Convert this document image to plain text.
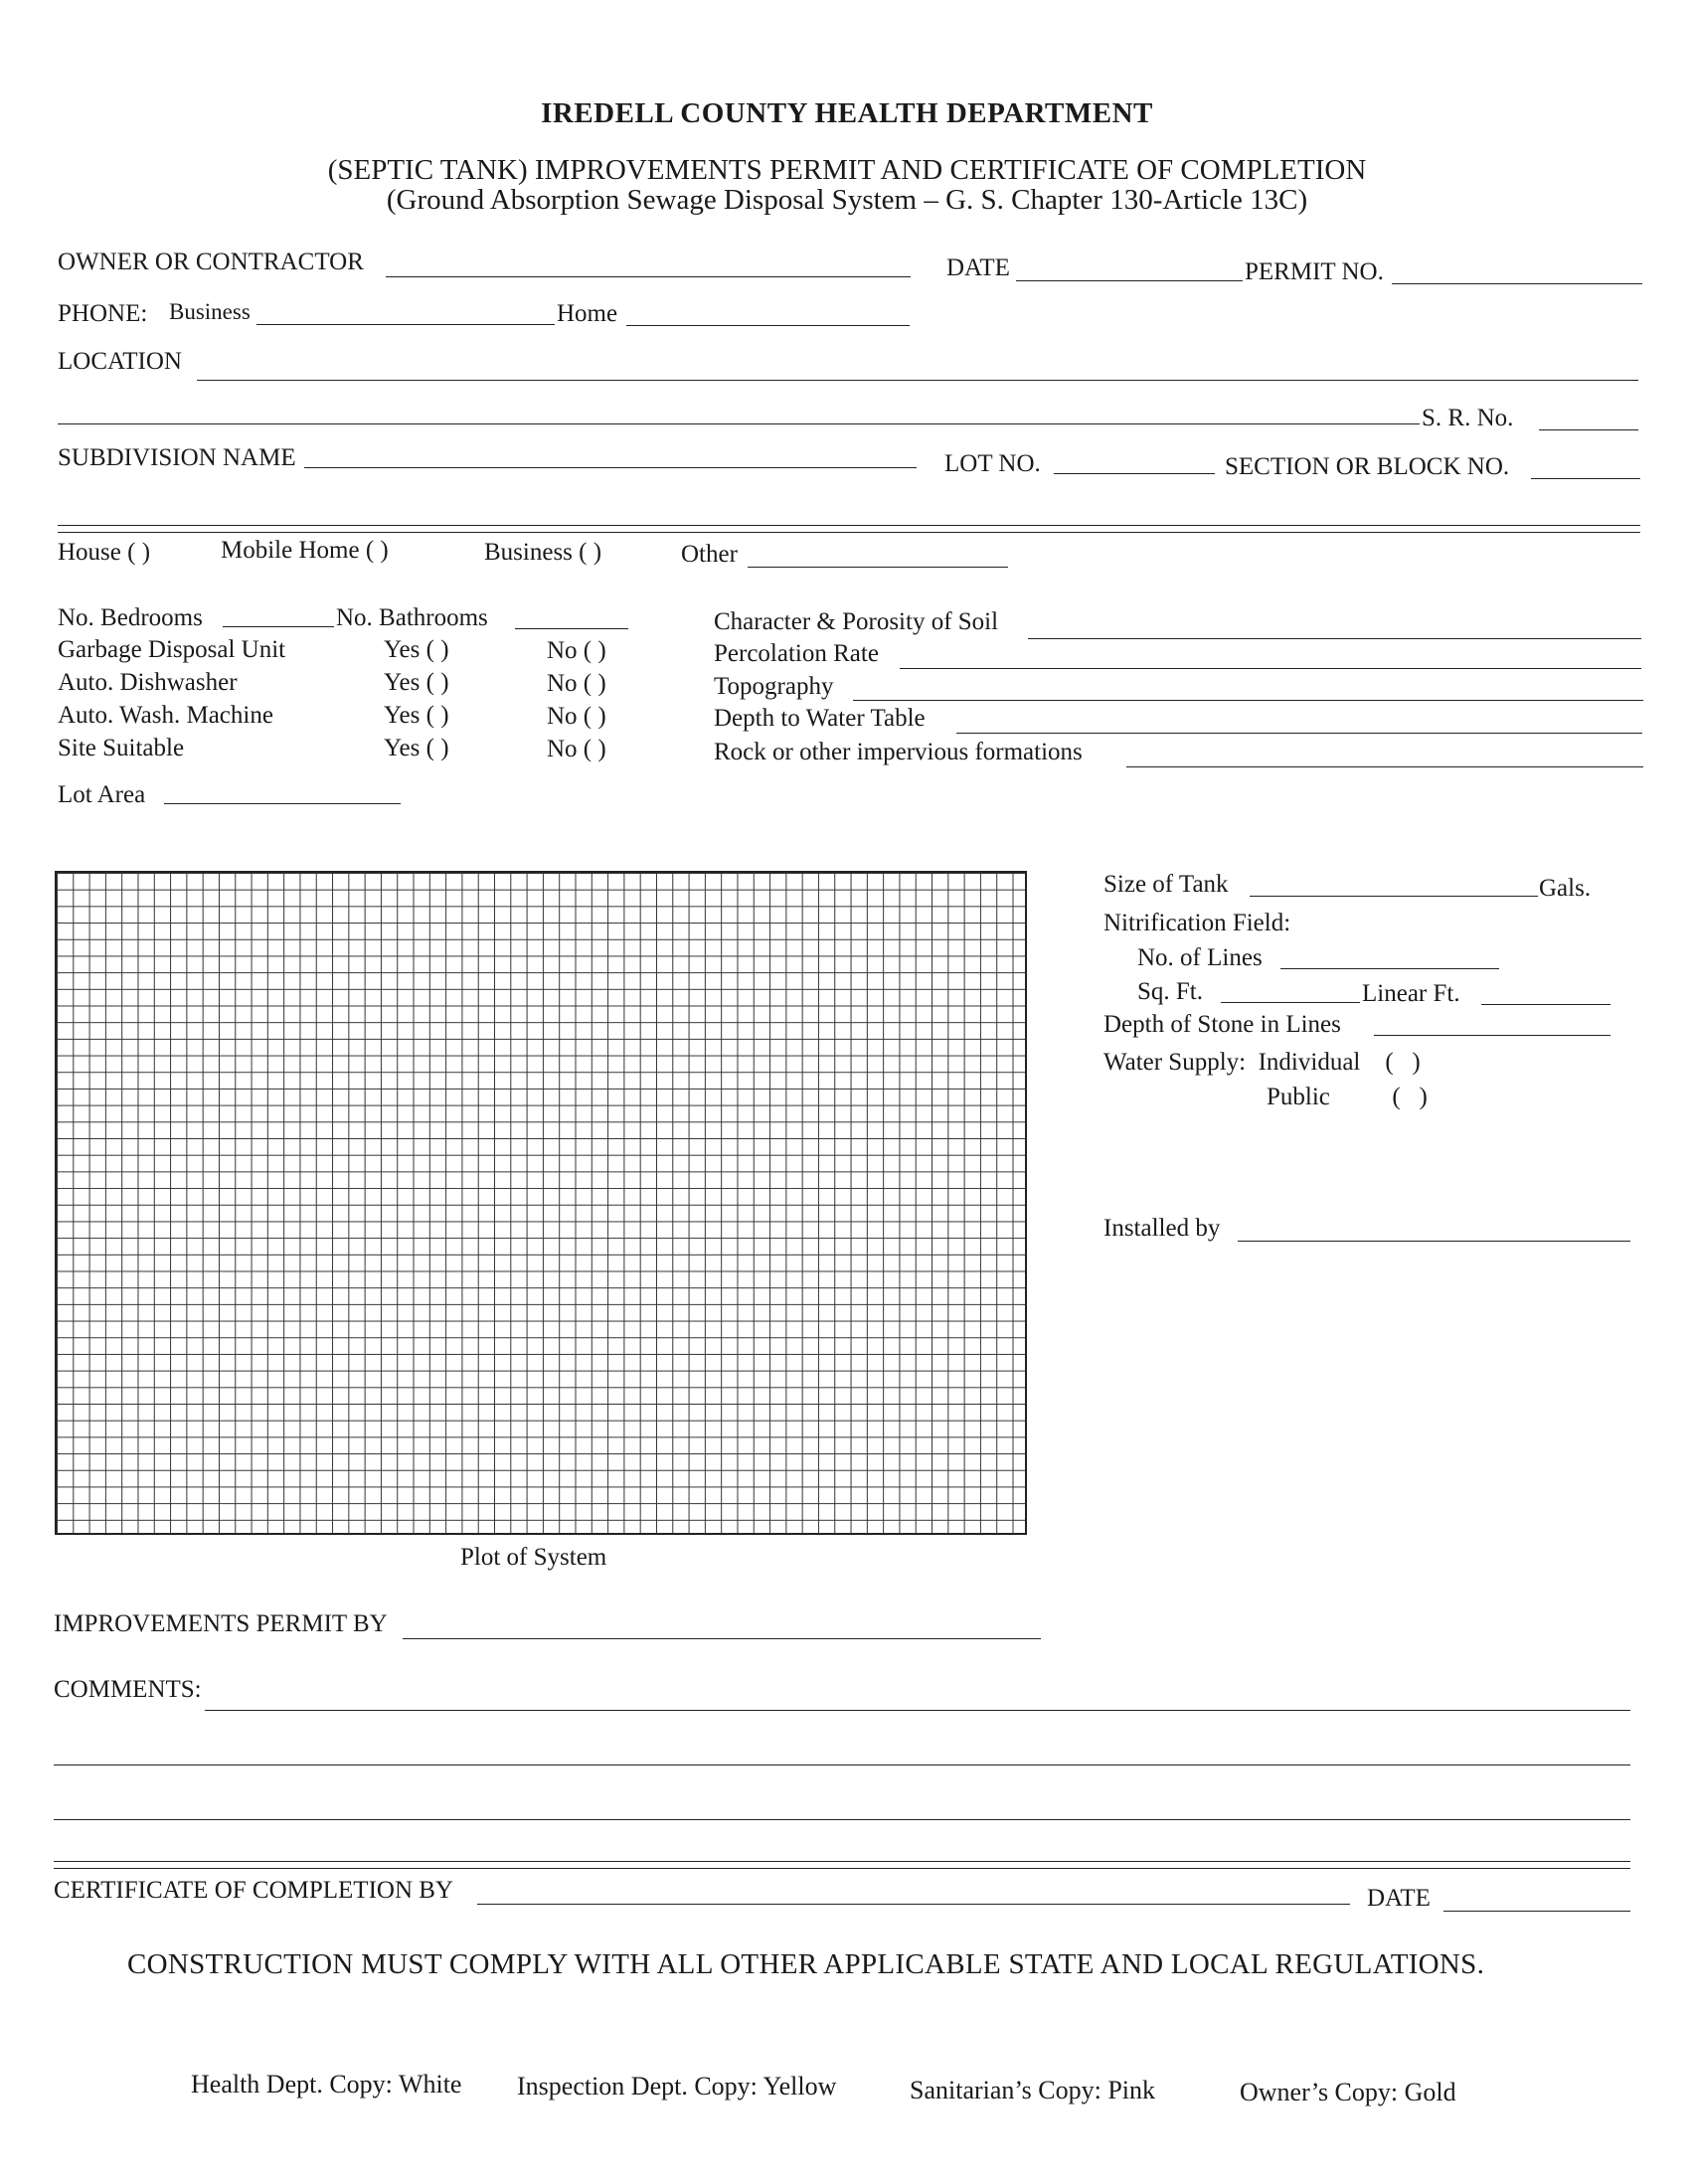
IREDELL COUNTY HEALTH DEPARTMENT
(SEPTIC TANK) IMPROVEMENTS PERMIT AND CERTIFICATE OF COMPLETION
(Ground Absorption Sewage Disposal System – G. S. Chapter 130-Article 13C)
OWNER OR CONTRACTOR	DATE	PERMIT NO.
PHONE: Business	Home
LOCATION
S. R. No.
SUBDIVISION NAME	LOT NO.	SECTION OR BLOCK NO.
House ( )	Mobile Home ( )	Business ( )	Other
No. Bedrooms	No. Bathrooms
Garbage Disposal Unit	Yes ( )	No ( )
Auto. Dishwasher	Yes ( )	No ( )
Auto. Wash. Machine	Yes ( )	No ( )
Site Suitable	Yes ( )	No ( )
Lot Area
Character & Porosity of Soil
Percolation Rate
Topography
Depth to Water Table
Rock or other impervious formations
Plot of System
Size of Tank	Gals.
Nitrification Field:
No. of Lines
Sq. Ft.	Linear Ft.
Depth of Stone in Lines
Water Supply:  Individual    (   )
Public          (   )
Installed by
IMPROVEMENTS PERMIT BY
COMMENTS:
CERTIFICATE OF COMPLETION BY	DATE
CONSTRUCTION MUST COMPLY WITH ALL OTHER APPLICABLE STATE AND LOCAL REGULATIONS.
Health Dept. Copy: White Inspection Dept. Copy: Yellow	Sanitarian’s Copy: Pink	Owner’s Copy: Gold
